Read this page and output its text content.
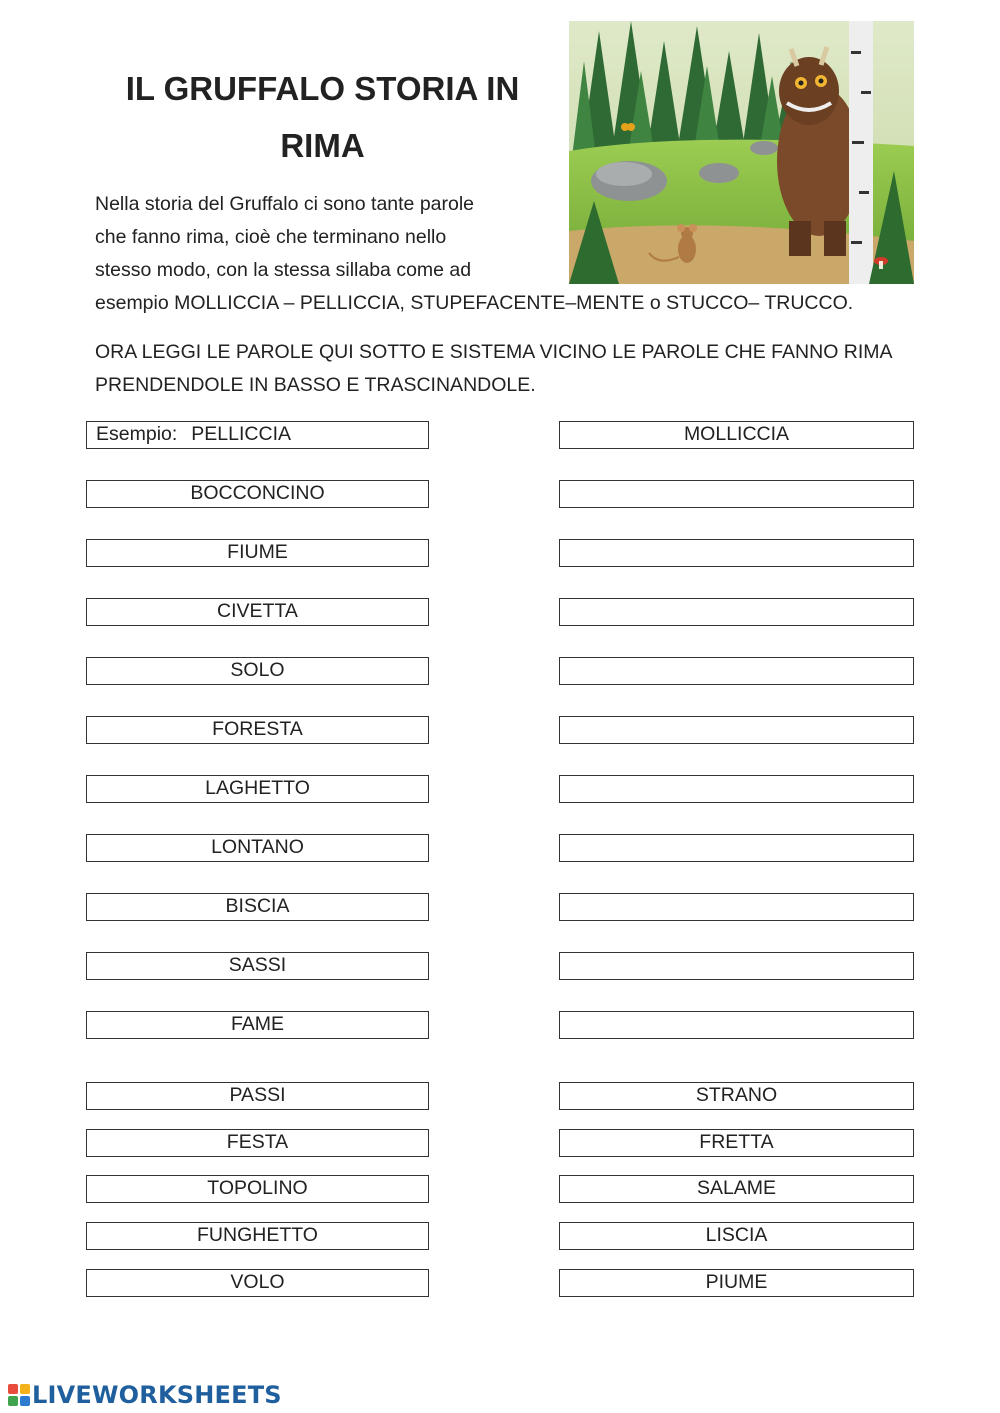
IL GRUFFALO STORIA IN
RIMA
Nella storia del Gruffalo ci sono tante parole
che fanno rima, cioè che terminano nello
stesso modo, con la stessa sillaba come ad
esempio MOLLICCIA – PELLICCIA, STUPEFACENTE–MENTE o STUCCO– TRUCCO.
ORA LEGGI LE PAROLE QUI SOTTO E SISTEMA VICINO LE PAROLE CHE FANNO RIMA
PRENDENDOLE IN BASSO E TRASCINANDOLE.
Esempio: PELLICCIA	MOLLICCIA
BOCCONCINO
FIUME
CIVETTA
SOLO
FORESTA
LAGHETTO
LONTANO
BISCIA
SASSI
FAME
PASSI	STRANO
FESTA	FRETTA
TOPOLINO	SALAME
FUNGHETTO	LISCIA
VOLO	PIUME
LIVEWORKSHEETS
